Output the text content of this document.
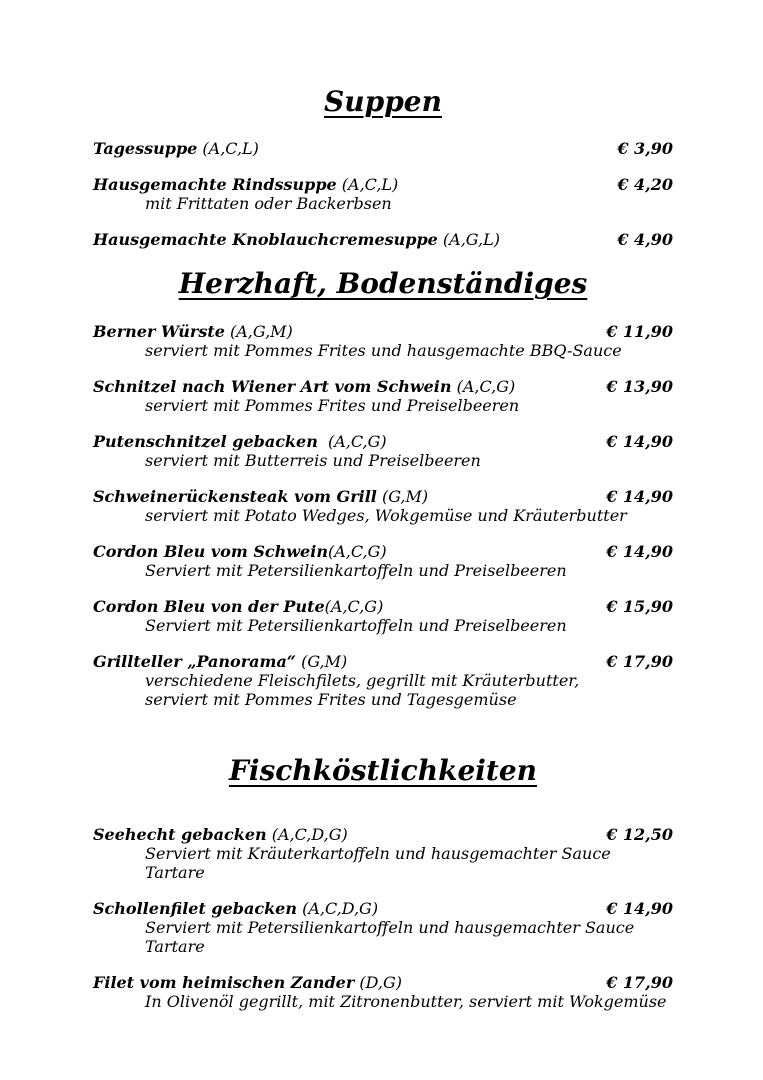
Suppen
Tagessuppe (A,C,L)	€ 3,90
Hausgemachte Rindssuppe (A,C,L)	€ 4,20
mit Frittaten oder Backerbsen
Hausgemachte Knoblauchcremesuppe (A,G,L)	€ 4,90
Herzhaft, Bodenständiges
Berner Würste (A,G,M)	€ 11,90
serviert mit Pommes Frites und hausgemachte BBQ-Sauce
Schnitzel nach Wiener Art vom Schwein (A,C,G)	€ 13,90
serviert mit Pommes Frites und Preiselbeeren
Putenschnitzel gebacken  (A,C,G)	€ 14,90
serviert mit Butterreis und Preiselbeeren
Schweinerückensteak vom Grill (G,M)	€ 14,90
serviert mit Potato Wedges, Wokgemüse und Kräuterbutter
Cordon Bleu vom Schwein(A,C,G)	€ 14,90
Serviert mit Petersilienkartoffeln und Preiselbeeren
Cordon Bleu von der Pute(A,C,G)	€ 15,90
Serviert mit Petersilienkartoffeln und Preiselbeeren
Grillteller „Panorama“ (G,M)	€ 17,90
verschiedene Fleischfilets, gegrillt mit Kräuterbutter,
serviert mit Pommes Frites und Tagesgemüse
Fischköstlichkeiten
Seehecht gebacken (A,C,D,G)	€ 12,50
Serviert mit Kräuterkartoffeln und hausgemachter Sauce Tartare
Schollenfilet gebacken (A,C,D,G)	€ 14,90
Serviert mit Petersilienkartoffeln und hausgemachter Sauce Tartare
Filet vom heimischen Zander (D,G)	€ 17,90
In Olivenöl gegrillt, mit Zitronenbutter, serviert mit Wokgemüse
